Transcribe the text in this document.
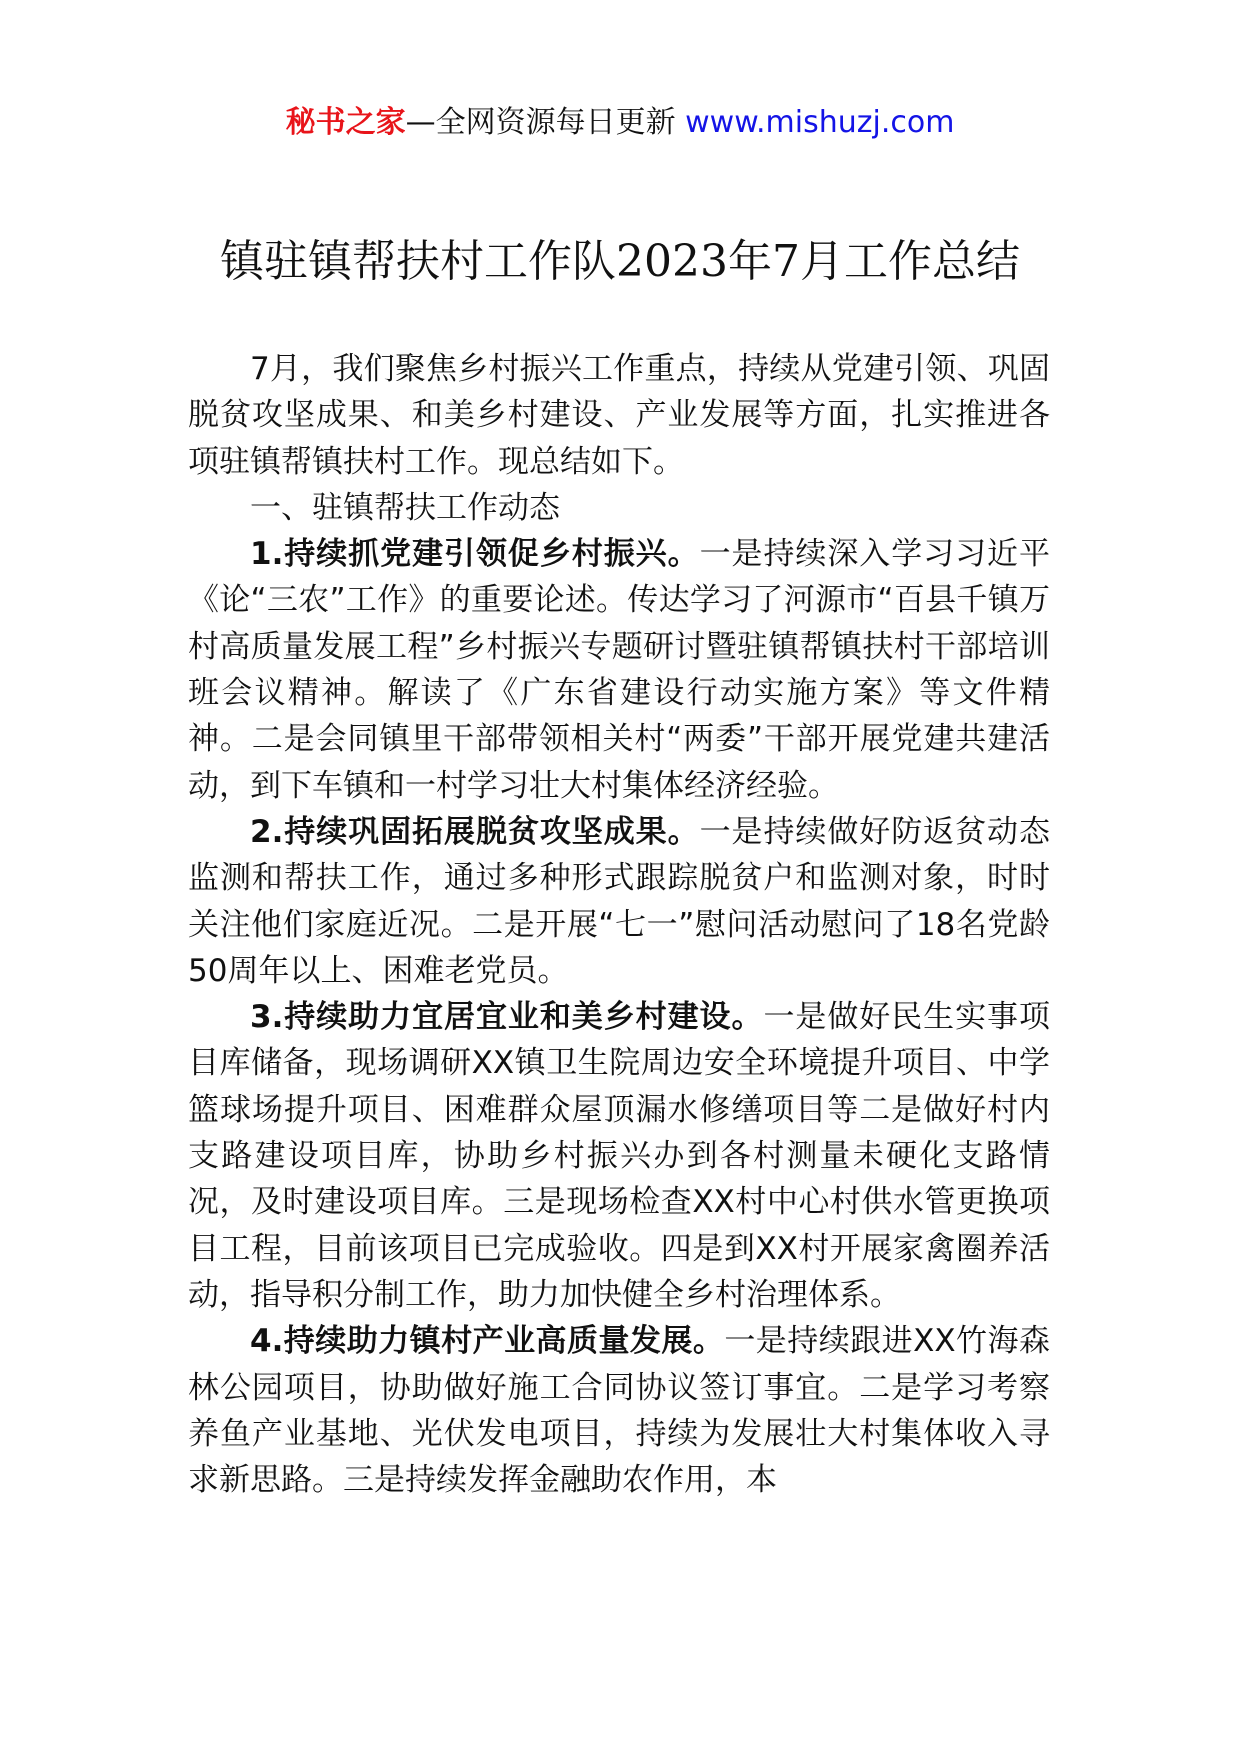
秘书之家—全网资源每日更新 www.mishuzj.com
镇驻镇帮扶村工作队2023年7月工作总结

7月，我们聚焦乡村振兴工作重点，持续从党建引领、巩固脱贫攻坚成果、和美乡村建设、产业发展等方面，扎实推进各项驻镇帮镇扶村工作。现总结如下。

一、驻镇帮扶工作动态

1.持续抓党建引领促乡村振兴。一是持续深入学习习近平《论“三农”工作》的重要论述。传达学习了河源市“百县千镇万村高质量发展工程”乡村振兴专题研讨暨驻镇帮镇扶村干部培训班会议精神。解读了《广东省建设行动实施方案》等文件精神。二是会同镇里干部带领相关村“两委”干部开展党建共建活动，到下车镇和一村学习壮大村集体经济经验。

2.持续巩固拓展脱贫攻坚成果。一是持续做好防返贫动态监测和帮扶工作，通过多种形式跟踪脱贫户和监测对象，时时关注他们家庭近况。二是开展“七一”慰问活动慰问了18名党龄50周年以上、困难老党员。

3.持续助力宜居宜业和美乡村建设。一是做好民生实事项目库储备，现场调研XX镇卫生院周边安全环境提升项目、中学篮球场提升项目、困难群众屋顶漏水修缮项目等二是做好村内支路建设项目库，协助乡村振兴办到各村测量未硬化支路情况，及时建设项目库。三是现场检查XX村中心村供水管更换项目工程，目前该项目已完成验收。四是到XX村开展家禽圈养活动，指导积分制工作，助力加快健全乡村治理体系。

4.持续助力镇村产业高质量发展。一是持续跟进XX竹海森林公园项目，协助做好施工合同协议签订事宜。二是学习考察养鱼产业基地、光伏发电项目，持续为发展壮大村集体收入寻求新思路。三是持续发挥金融助农作用，本
